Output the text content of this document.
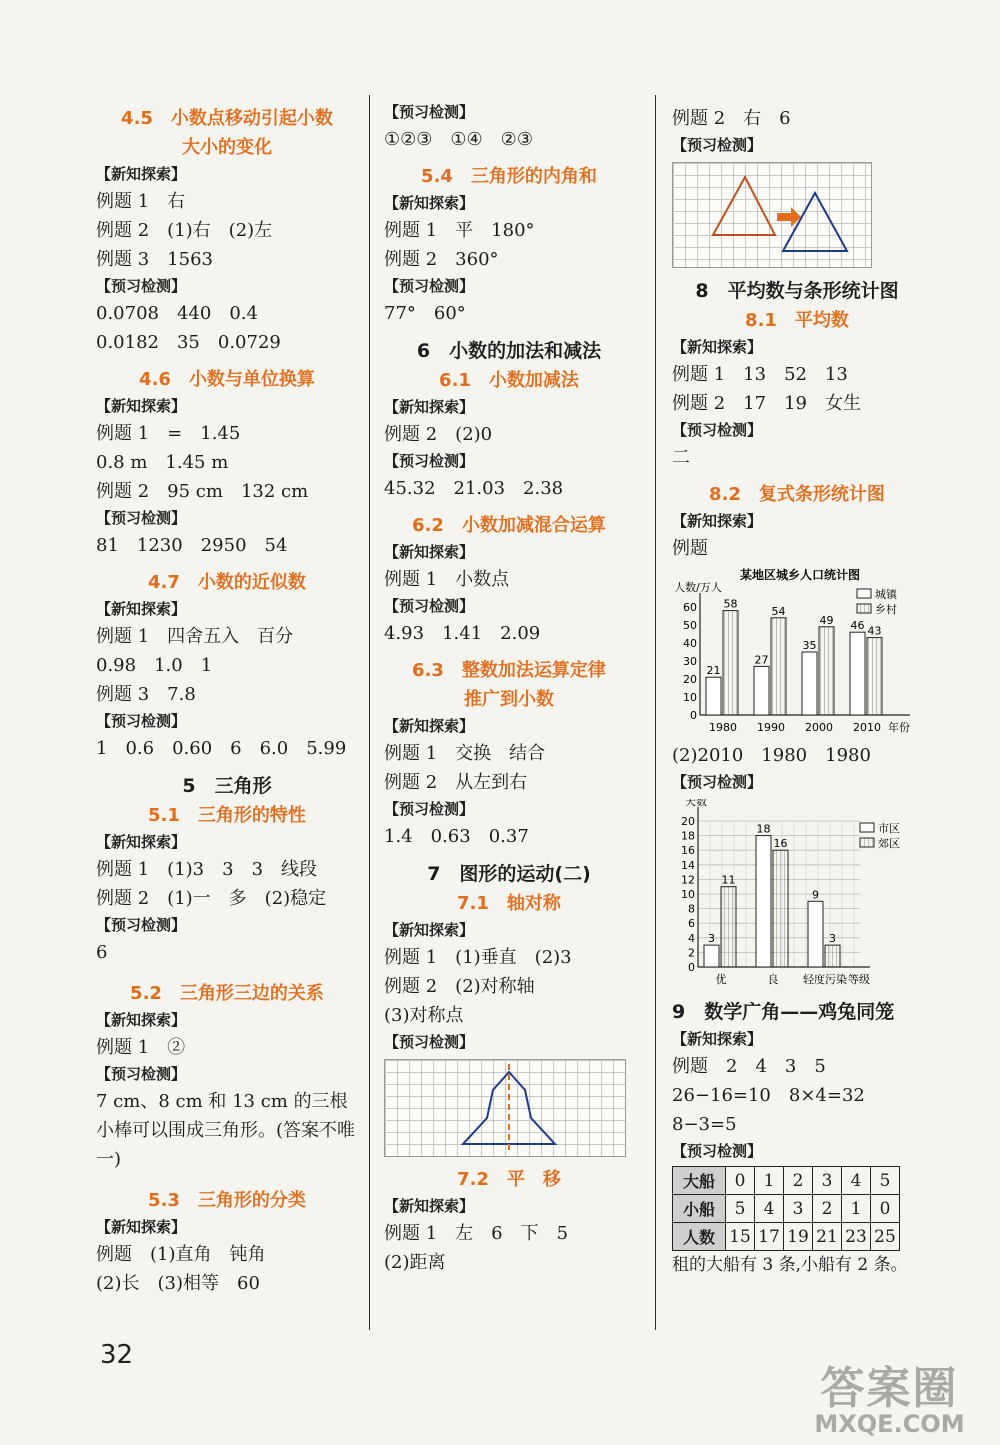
4.5　小数点移动引起小数
大小的变化
【新知探索】
例题 1　右
例题 2　(1)右　(2)左
例题 3　1563
【预习检测】
0.0708　440　0.4
0.0182　35　0.0729
4.6　小数与单位换算
【新知探索】
例题 1　=　1.45
0.8 m　1.45 m
例题 2　95 cm　132 cm
【预习检测】
81　1230　2950　54
4.7　小数的近似数
【新知探索】
例题 1　四舍五入　百分
0.98　1.0　1
例题 3　7.8
【预习检测】
1　0.6　0.60　6　6.0　5.99
5　三角形
5.1　三角形的特性
【新知探索】
例题 1　(1)3　3　3　线段
例题 2　(1)一　多　(2)稳定
【预习检测】
6
5.2　三角形三边的关系
【新知探索】
例题 1　②
【预习检测】
7 cm、8 cm 和 13 cm 的三根小棒可以围成三角形。(答案不唯一)
5.3　三角形的分类
【新知探索】
例题　(1)直角　钝角
(2)长　(3)相等　60
【预习检测】
①②③　①④　②③
5.4　三角形的内角和
【新知探索】
例题 1　平　180°
例题 2　360°
【预习检测】
77°　60°
6　小数的加法和减法
6.1　小数加减法
【新知探索】
例题 2　(2)0
【预习检测】
45.32　21.03　2.38
6.2　小数加减混合运算
【新知探索】
例题 1　小数点
【预习检测】
4.93　1.41　2.09
6.3　整数加法运算定律
推广到小数
【新知探索】
例题 1　交换　结合
例题 2　从左到右
【预习检测】
1.4　0.63　0.37
7　图形的运动(二)
7.1　轴对称
【新知探索】
例题 1　(1)垂直　(2)3
例题 2　(2)对称轴
(3)对称点
【预习检测】
7.2　平　移
【新知探索】
例题 1　左　6　下　5
(2)距离
例题 2　右　6
【预习检测】
8　平均数与条形统计图
8.1　平均数
【新知探索】
例题 1　13　52　13
例题 2　17　19　女生
【预习检测】
二
8.2　复式条形统计图
【新知探索】
例题
0
10
20
30
40
50
60
人数/万人
年份
某地区城乡人口统计图
21
58
1980
27
54
1990
35
49
2000
46 43
2010
城镇
乡村
(2)2010　1980　1980
【预习检测】
0
2
4
6
8
10
12
14
16
18
20
天数
等级
3
11
优
18
16
良
9
3
轻度污染
市区
郊区
9　数学广角——鸡兔同笼
【新知探索】
例题　2　4　3　5
26−16=10　8×4=32
8−3=5
【预习检测】
大船	0	1	2	3	4	5
小船	5	4	3	2	1	0
人数	15	17	19	21	23	25
租的大船有 3 条,小船有 2 条。
32
答案圈
MXQE.COM
